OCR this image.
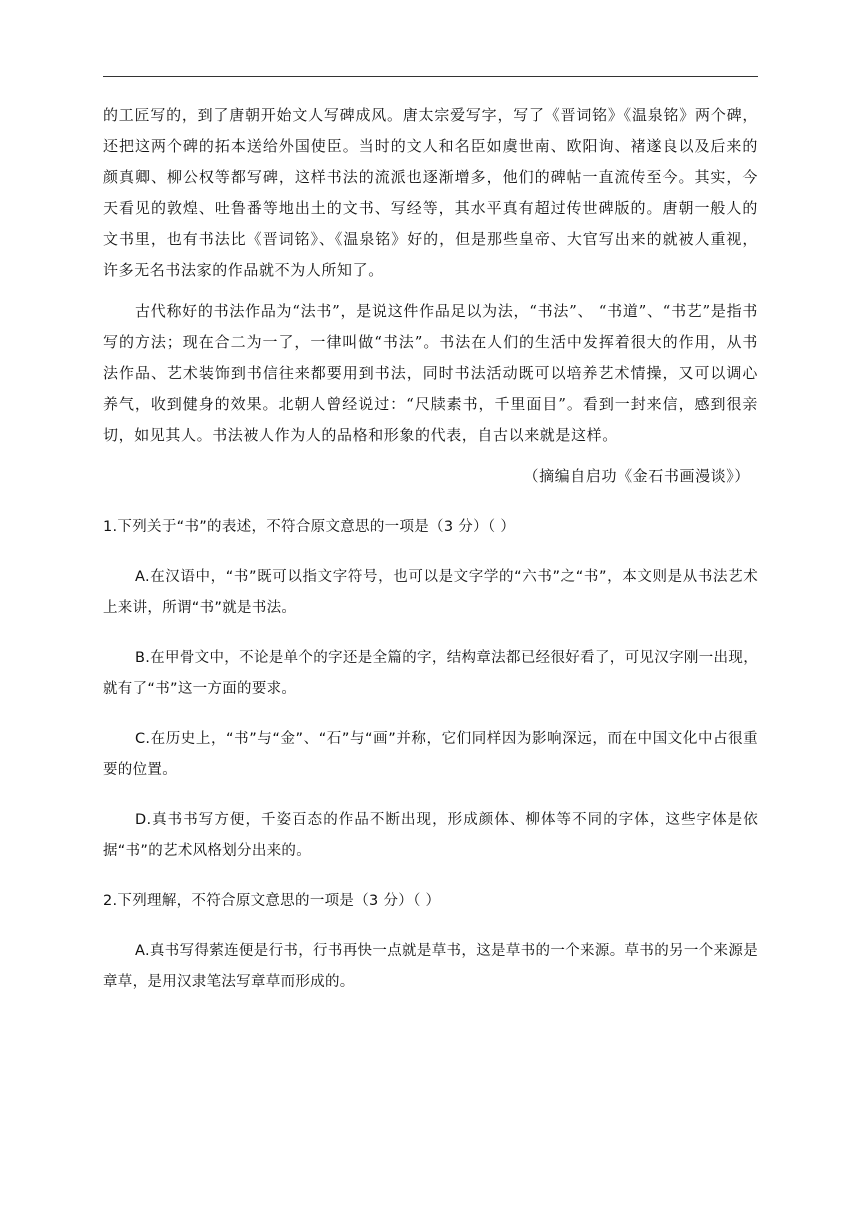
的工匠写的，到了唐朝开始文人写碑成风。唐太宗爱写字，写了《晋词铭》《温泉铭》两个碑，还把这两个碑的拓本送给外国使臣。当时的文人和名臣如虞世南、欧阳询、褚遂良以及后来的颜真卿、柳公权等都写碑，这样书法的流派也逐渐增多，他们的碑帖一直流传至今。其实，今天看见的敦煌、吐鲁番等地出土的文书、写经等，其水平真有超过传世碑版的。唐朝一般人的文书里，也有书法比《晋词铭》、《温泉铭》好的，但是那些皇帝、大官写出来的就被人重视，许多无名书法家的作品就不为人所知了。

古代称好的书法作品为“法书”，是说这件作品足以为法，“书法”、 “书道”、“书艺”是指书写的方法；现在合二为一了，一律叫做“书法”。书法在人们的生活中发挥着很大的作用，从书法作品、艺术装饰到书信往来都要用到书法，同时书法活动既可以培养艺术情操，又可以调心养气，收到健身的效果。北朝人曾经说过：“尺牍素书，千里面目”。看到一封来信，感到很亲切，如见其人。书法被人作为人的品格和形象的代表，自古以来就是这样。

（摘编自启功《金石书画漫谈》）

1.下列关于“书”的表述，不符合原文意思的一项是（3 分）（ ）

A.在汉语中，“书”既可以指文字符号，也可以是文字学的“六书”之“书”，本文则是从书法艺术上来讲，所谓“书”就是书法。

B.在甲骨文中，不论是单个的字还是全篇的字，结构章法都已经很好看了，可见汉字刚一出现，就有了“书”这一方面的要求。

C.在历史上，“书”与“金”、“石”与“画”并称，它们同样因为影响深远，而在中国文化中占很重要的位置。

D.真书书写方便，千姿百态的作品不断出现，形成颜体、柳体等不同的字体，这些字体是依据“书”的艺术风格划分出来的。

2.下列理解，不符合原文意思的一项是（3 分）（ ）

A.真书写得萦连便是行书，行书再快一点就是草书，这是草书的一个来源。草书的另一个来源是章草，是用汉隶笔法写章草而形成的。
